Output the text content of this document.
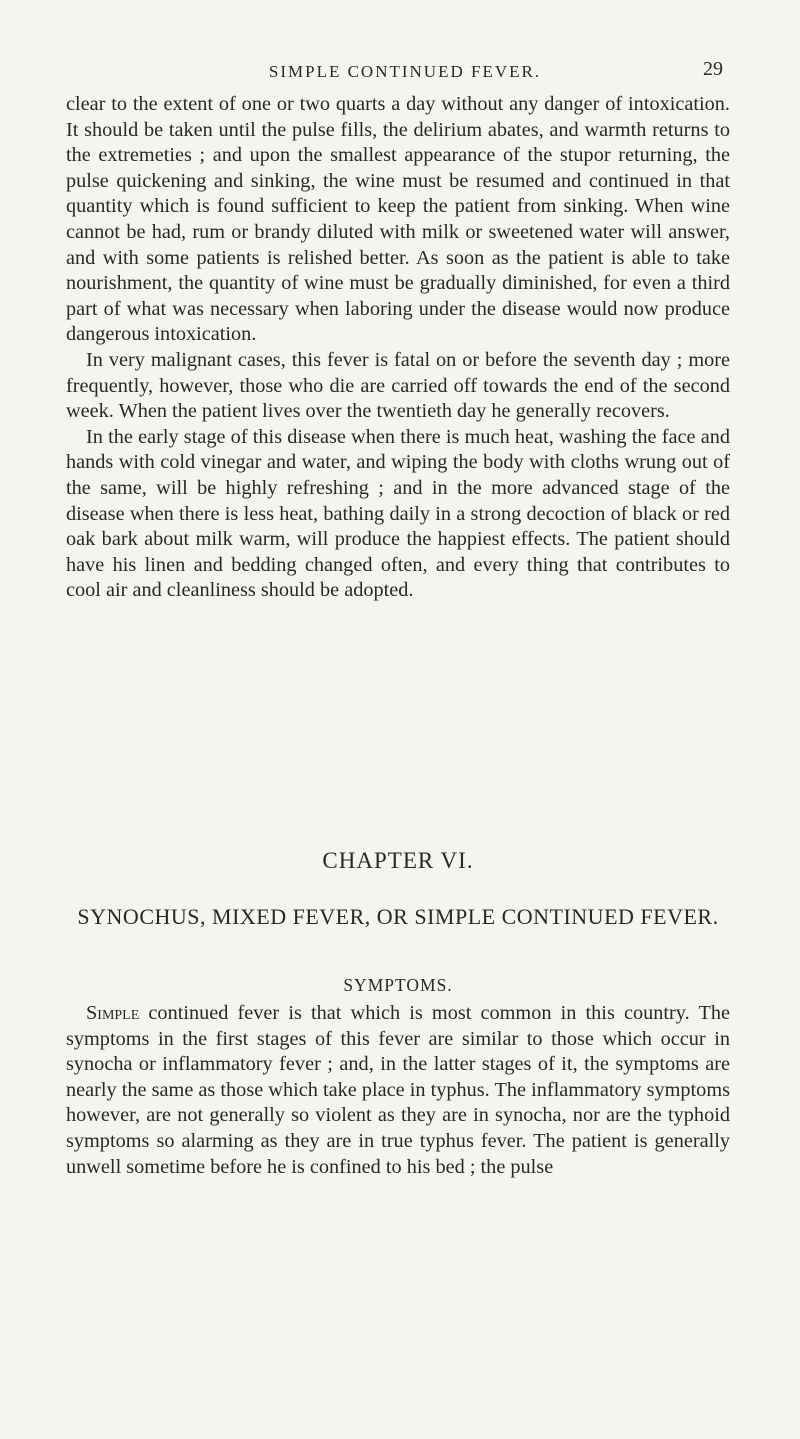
SIMPLE CONTINUED FEVER.	29

clear to the extent of one or two quarts a day without any danger of intoxication. It should be taken until the pulse fills, the delirium abates, and warmth returns to the extremeties ; and upon the smallest appearance of the stupor returning, the pulse quickening and sinking, the wine must be resumed and continued in that quantity which is found sufficient to keep the patient from sinking. When wine cannot be had, rum or brandy diluted with milk or sweetened water will answer, and with some patients is relished better. As soon as the patient is able to take nourishment, the quantity of wine must be gradually diminished, for even a third part of what was necessary when laboring under the disease would now produce dangerous intoxication.

In very malignant cases, this fever is fatal on or before the seventh day ; more frequently, however, those who die are carried off towards the end of the second week. When the patient lives over the twentieth day he generally recovers.

In the early stage of this disease when there is much heat, washing the face and hands with cold vinegar and water, and wiping the body with cloths wrung out of the same, will be highly refreshing ; and in the more advanced stage of the disease when there is less heat, bathing daily in a strong decoction of black or red oak bark about milk warm, will produce the happiest effects. The patient should have his linen and bedding changed often, and every thing that contributes to cool air and cleanliness should be adopted.

CHAPTER VI.
SYNOCHUS, MIXED FEVER, OR SIMPLE CONTINUED FEVER.
SYMPTOMS.

Simple continued fever is that which is most common in this country. The symptoms in the first stages of this fever are similar to those which occur in synocha or inflammatory fever ; and, in the latter stages of it, the symptoms are nearly the same as those which take place in typhus. The inflammatory symptoms however, are not generally so violent as they are in synocha, nor are the typhoid symptoms so alarming as they are in true typhus fever. The patient is generally unwell sometime before he is confined to his bed ; the pulse
